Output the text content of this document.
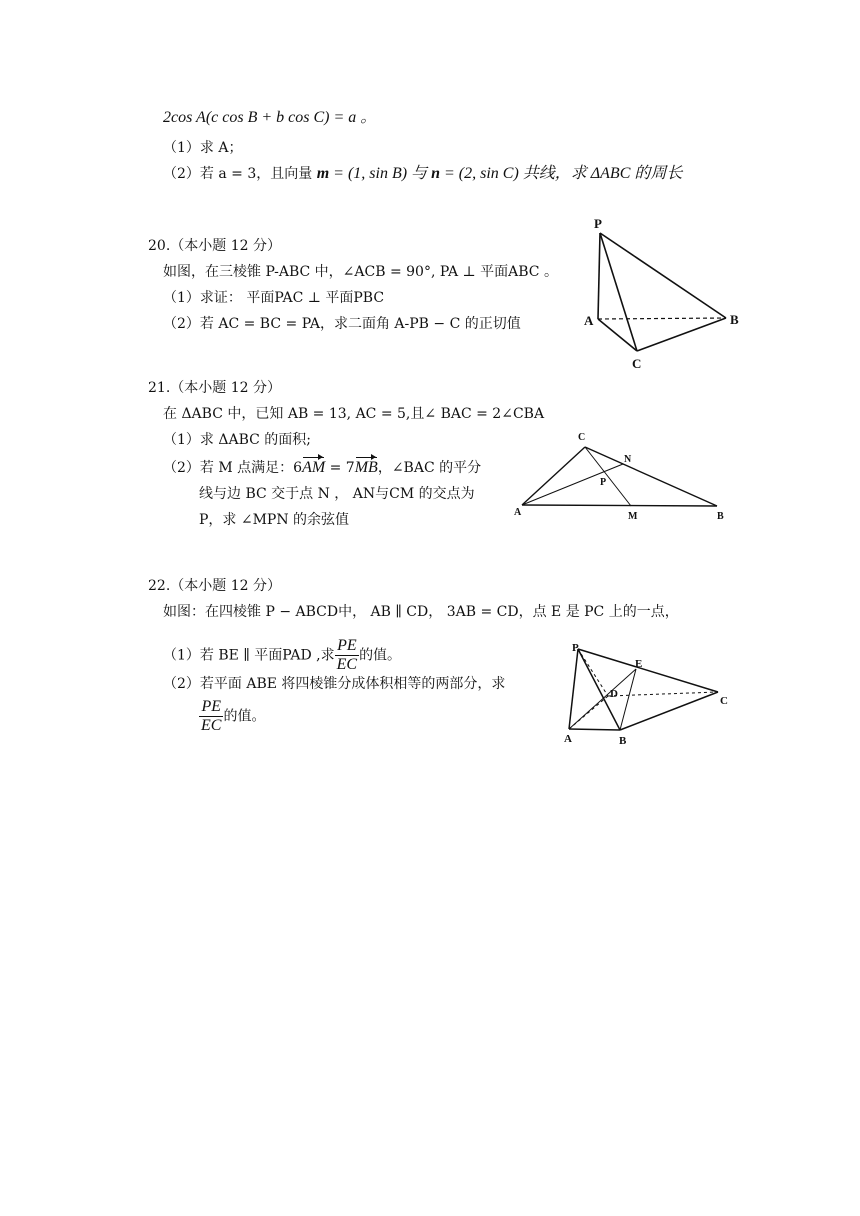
2cos A(c cos B + b cos C) = a 。
（1）求 A；
（2）若 a = 3，且向量 m = (1, sin B) 与 n = (2, sin C) 共线，求 ΔABC 的周长
20.（本小题 12 分）
如图，在三棱锥 P-ABC 中，∠ACB = 90°, PA ⊥ 平面ABC 。
（1）求证： 平面PAC ⊥ 平面PBC
（2）若 AC = BC = PA，求二面角 A-PB − C 的正切值
P
A	B
C
21.（本小题 12 分）
在 ΔABC 中，已知 AB = 13, AC = 5,且∠ BAC = 2∠CBA
（1）求 ΔABC 的面积;
（2）若 M 点满足：6AM = 7MB，∠BAC 的平分
线与边 BC 交于点 N ， AN与CM 的交点为
P，求 ∠MPN 的余弦值
C
N
P
A	M	B
22.（本小题 12 分）
如图：在四棱锥 P − ABCD中， AB ∥ CD， 3AB = CD，点 E 是 PC 上的一点，
（1）若 BE ∥ 平面PAD ,求 $\frac{PE}{EC}$ 的值。
（2）若平面 ABE 将四棱锥分成体积相等的两部分，求
$\frac{PE}{EC}$ 的值。
P
E
D
C
A	B
